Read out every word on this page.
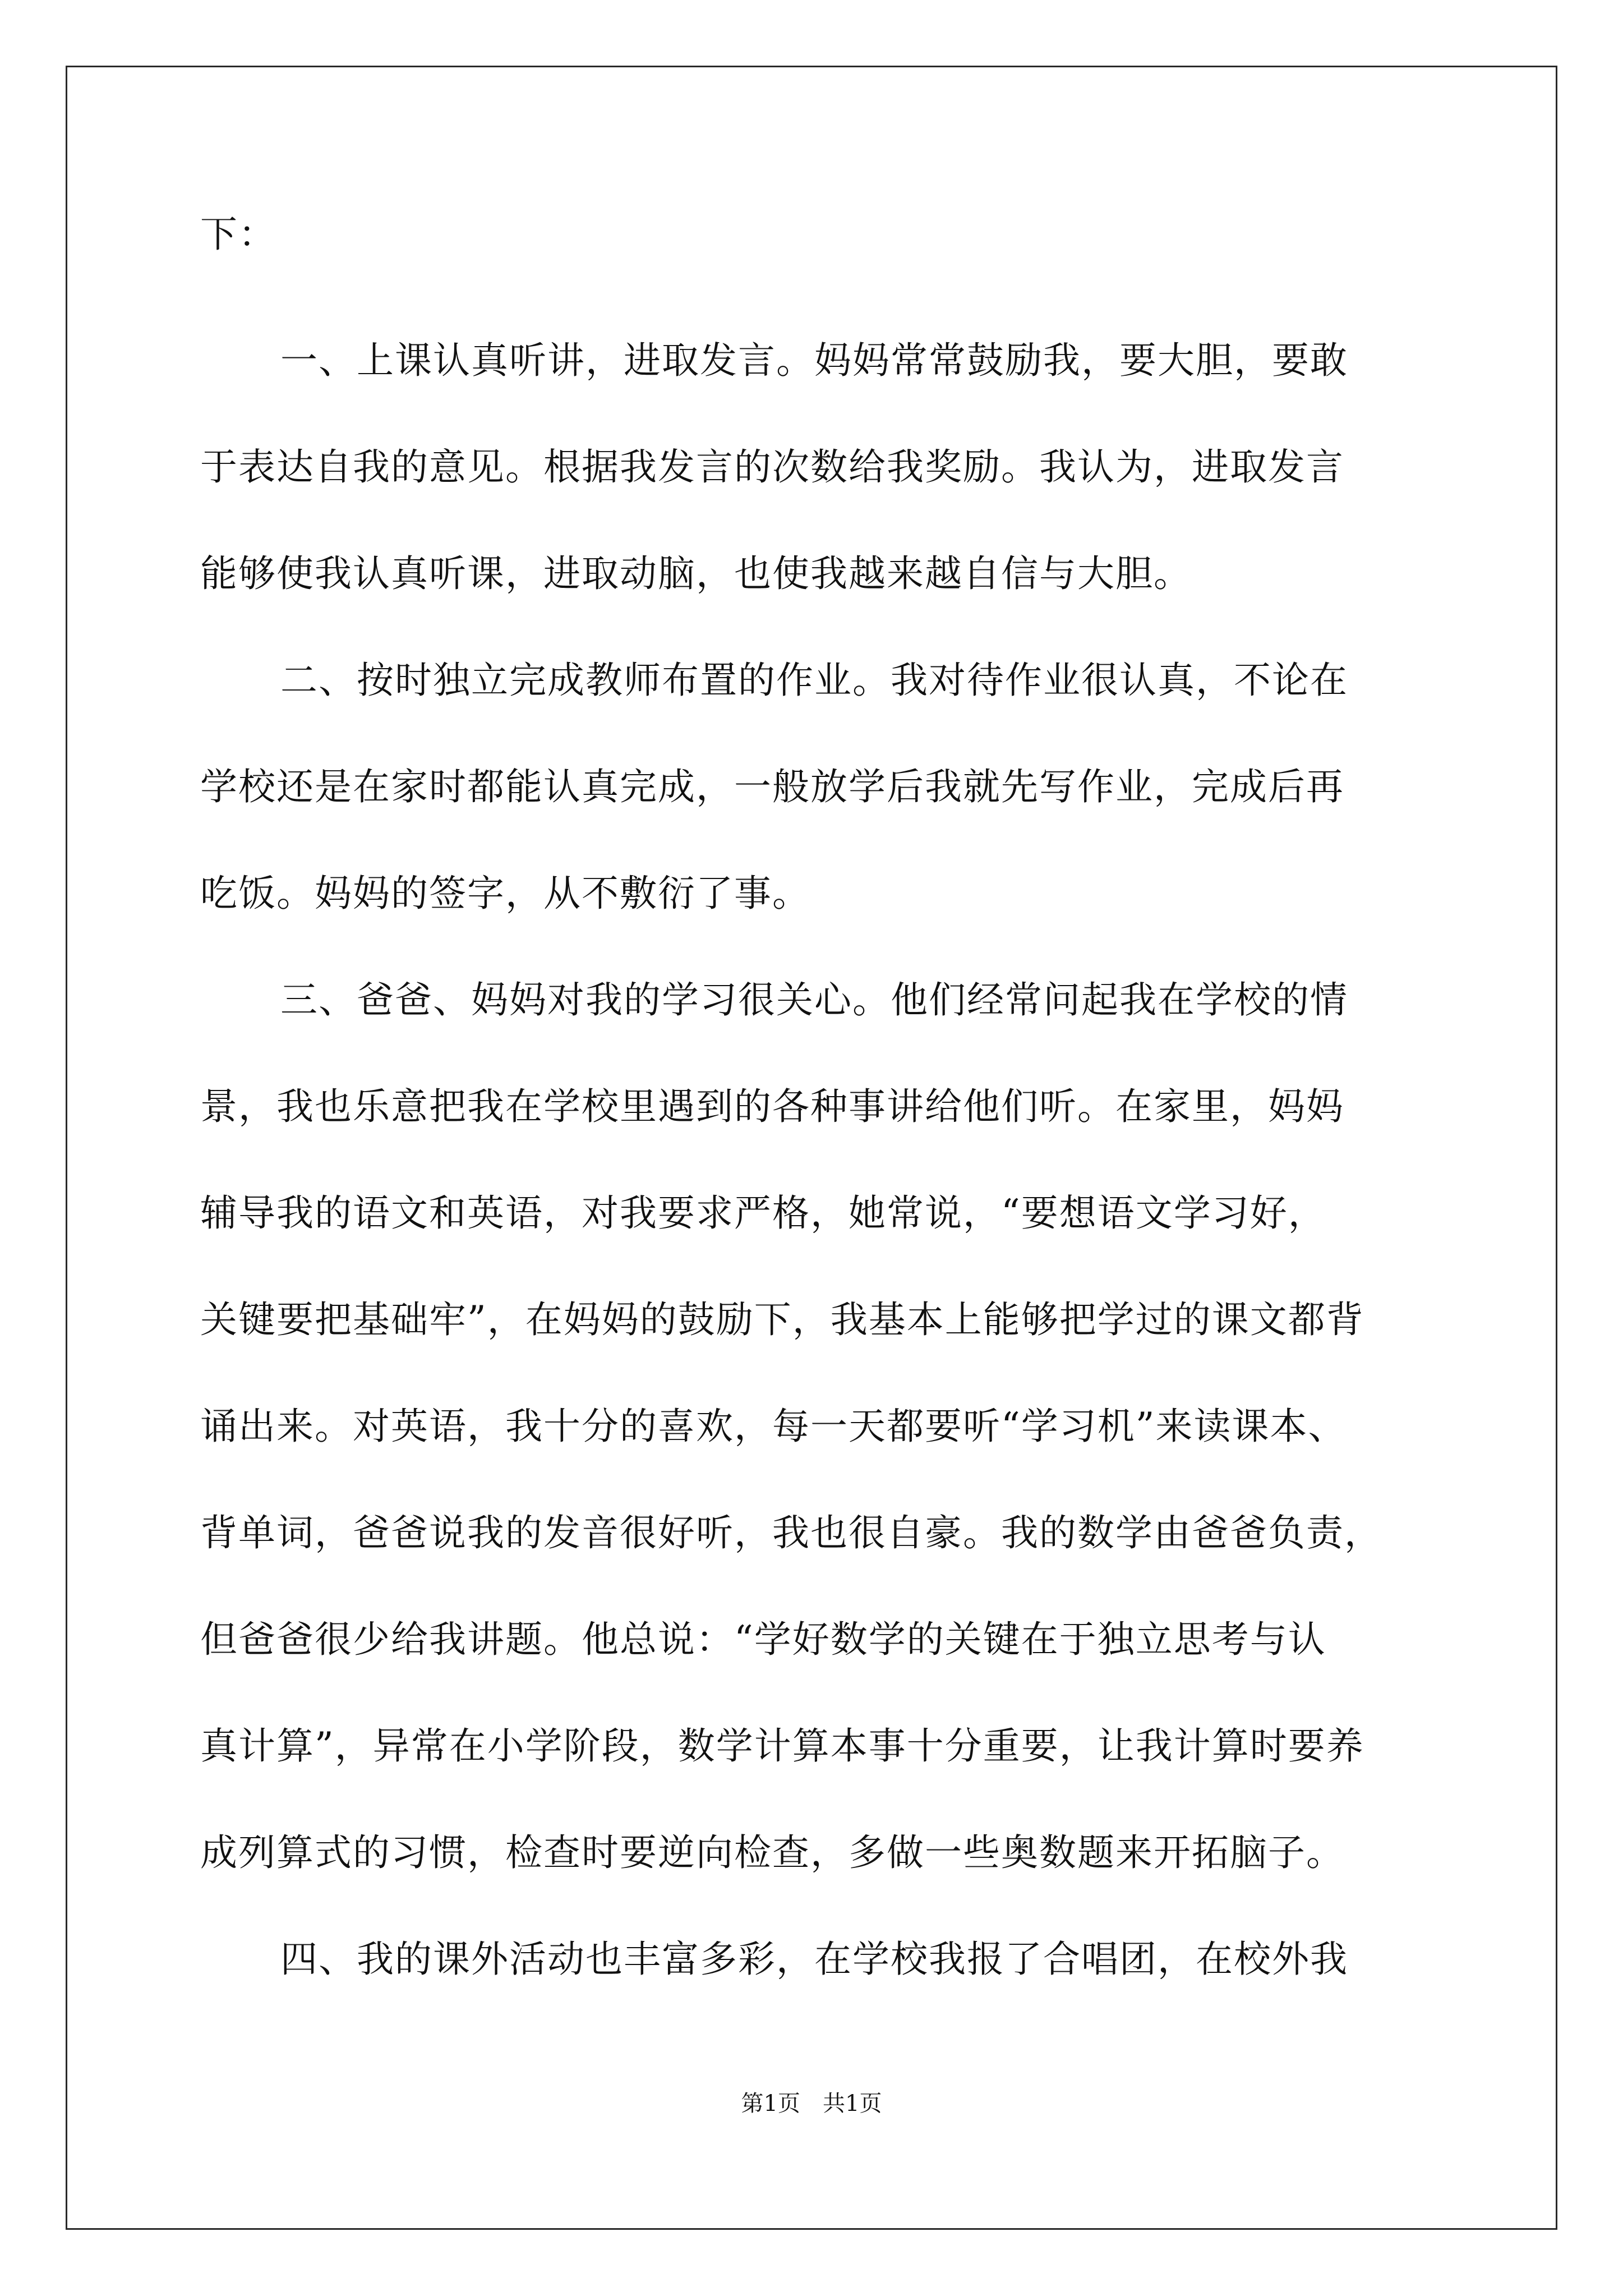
下：
一、上课认真听讲，进取发言。妈妈常常鼓励我，要大胆，要敢
于表达自我的意见。根据我发言的次数给我奖励。我认为，进取发言
能够使我认真听课，进取动脑，也使我越来越自信与大胆。
二、按时独立完成教师布置的作业。我对待作业很认真，不论在
学校还是在家时都能认真完成，一般放学后我就先写作业，完成后再
吃饭。妈妈的签字，从不敷衍了事。
三、爸爸、妈妈对我的学习很关心。他们经常问起我在学校的情
景，我也乐意把我在学校里遇到的各种事讲给他们听。在家里，妈妈
辅导我的语文和英语，对我要求严格，她常说，“要想语文学习好，
关键要把基础牢”，在妈妈的鼓励下，我基本上能够把学过的课文都背
诵出来。对英语，我十分的喜欢，每一天都要听“学习机”来读课本、
背单词，爸爸说我的发音很好听，我也很自豪。我的数学由爸爸负责，
但爸爸很少给我讲题。他总说：“学好数学的关键在于独立思考与认
真计算”，异常在小学阶段，数学计算本事十分重要，让我计算时要养
成列算式的习惯，检查时要逆向检查，多做一些奥数题来开拓脑子。
四、我的课外活动也丰富多彩，在学校我报了合唱团，在校外我
第1页　共1页
